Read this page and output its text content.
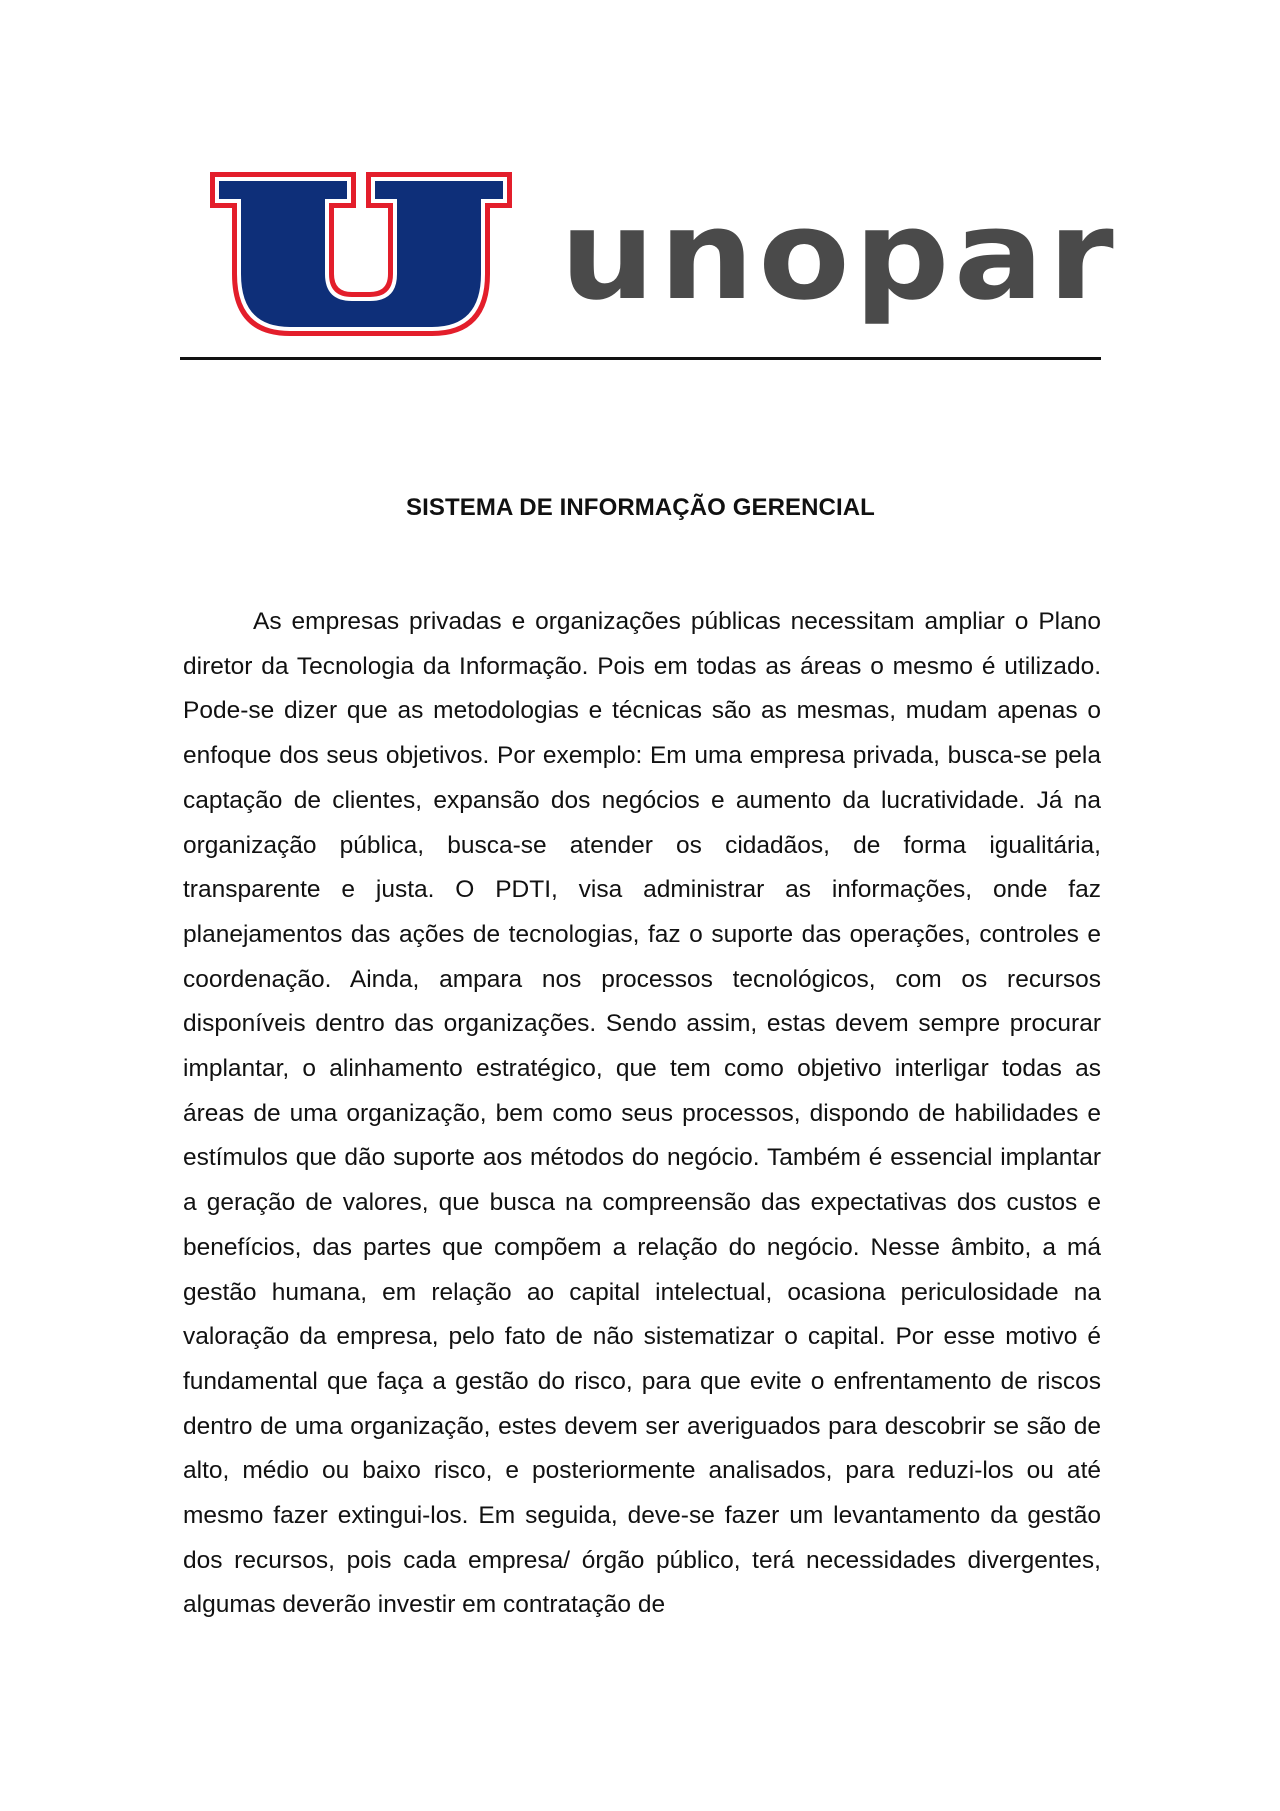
unopar
SISTEMA DE INFORMAÇÃO GERENCIAL

As empresas privadas e organizações públicas necessitam ampliar o Plano diretor da Tecnologia da Informação. Pois em todas as áreas o mesmo é utilizado. Pode-se dizer que as metodologias e técnicas são as mesmas, mudam apenas o enfoque dos seus objetivos. Por exemplo: Em uma empresa privada, busca-se pela captação de clientes, expansão dos negócios e aumento da lucratividade. Já na organização pública, busca-se atender os cidadãos, de forma igualitária, transparente e justa. O PDTI, visa administrar as informações, onde faz planejamentos das ações de tecnologias, faz o suporte das operações, controles e coordenação. Ainda, ampara nos processos tecnológicos, com os recursos disponíveis dentro das organizações. Sendo assim, estas devem sempre procurar implantar, o alinhamento estratégico, que tem como objetivo interligar todas as áreas de uma organização, bem como seus processos, dispondo de habilidades e estímulos que dão suporte aos métodos do negócio. Também é essencial implantar a geração de valores, que busca na compreensão das expectativas dos custos e benefícios, das partes que compõem a relação do negócio. Nesse âmbito, a má gestão humana, em relação ao capital intelectual, ocasiona periculosidade na valoração da empresa, pelo fato de não sistematizar o capital. Por esse motivo é fundamental que faça a gestão do risco, para que evite o enfrentamento de riscos dentro de uma organização, estes devem ser averiguados para descobrir se são de alto, médio ou baixo risco, e posteriormente analisados, para reduzi-los ou até mesmo fazer extingui-los. Em seguida, deve-se fazer um levantamento da gestão dos recursos, pois cada empresa/ órgão público, terá necessidades divergentes, algumas deverão investir em contratação de
